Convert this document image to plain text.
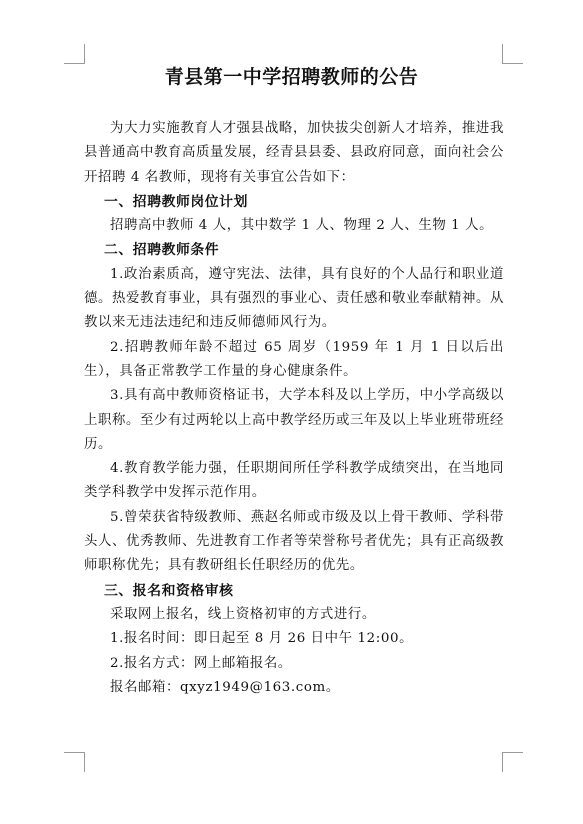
青县第一中学招聘教师的公告

为大力实施教育人才强县战略，加快拔尖创新人才培养，推进我县普通高中教育高质量发展，经青县县委、县政府同意，面向社会公开招聘 4 名教师，现将有关事宜公告如下：

一、招聘教师岗位计划

招聘高中教师 4 人，其中数学 1 人、物理 2 人、生物 1 人。

二、招聘教师条件

1.政治素质高，遵守宪法、法律，具有良好的个人品行和职业道德。热爱教育事业，具有强烈的事业心、责任感和敬业奉献精神。从教以来无违法违纪和违反师德师风行为。

2.招聘教师年龄不超过 65 周岁（1959 年 1 月 1 日以后出生），具备正常教学工作量的身心健康条件。

3.具有高中教师资格证书，大学本科及以上学历，中小学高级以上职称。至少有过两轮以上高中教学经历或三年及以上毕业班带班经历。

4.教育教学能力强，任职期间所任学科教学成绩突出，在当地同类学科教学中发挥示范作用。

5.曾荣获省特级教师、燕赵名师或市级及以上骨干教师、学科带头人、优秀教师、先进教育工作者等荣誉称号者优先；具有正高级教师职称优先；具有教研组长任职经历的优先。

三、报名和资格审核

采取网上报名，线上资格初审的方式进行。

1.报名时间：即日起至 8 月 26 日中午 12:00。

2.报名方式：网上邮箱报名。

报名邮箱：qxyz1949@163.com。
